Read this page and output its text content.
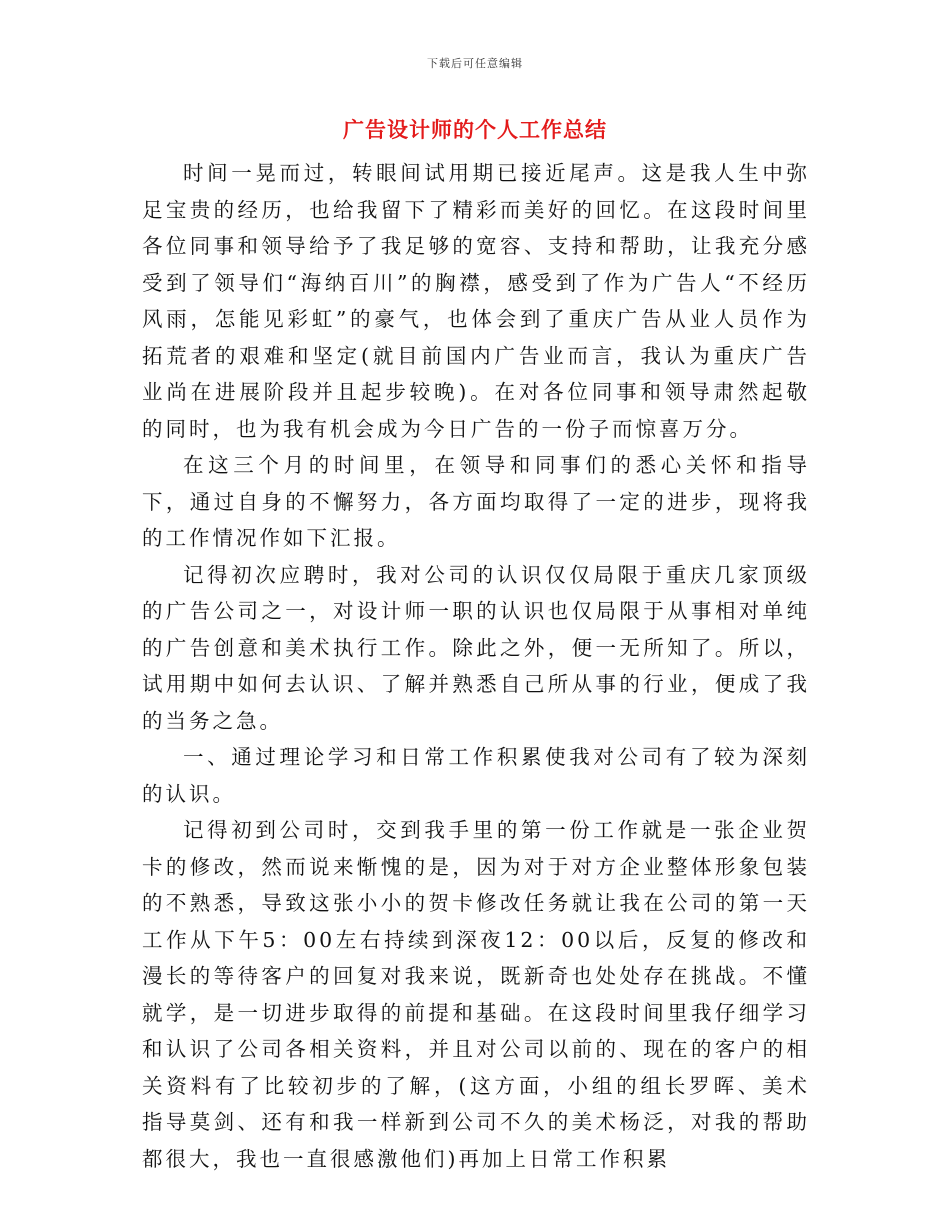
下载后可任意编辑
广告设计师的个人工作总结

时间一晃而过，转眼间试用期已接近尾声。这是我人生中弥足宝贵的经历，也给我留下了精彩而美好的回忆。在这段时间里各位同事和领导给予了我足够的宽容、支持和帮助，让我充分感受到了领导们“海纳百川”的胸襟，感受到了作为广告人“不经历风雨，怎能见彩虹”的豪气，也体会到了重庆广告从业人员作为拓荒者的艰难和坚定(就目前国内广告业而言，我认为重庆广告业尚在进展阶段并且起步较晚)。在对各位同事和领导肃然起敬的同时，也为我有机会成为今日广告的一份子而惊喜万分。

在这三个月的时间里，在领导和同事们的悉心关怀和指导下，通过自身的不懈努力，各方面均取得了一定的进步，现将我的工作情况作如下汇报。

记得初次应聘时，我对公司的认识仅仅局限于重庆几家顶级的广告公司之一，对设计师一职的认识也仅局限于从事相对单纯的广告创意和美术执行工作。除此之外，便一无所知了。所以，试用期中如何去认识、了解并熟悉自己所从事的行业，便成了我的当务之急。

一、通过理论学习和日常工作积累使我对公司有了较为深刻的认识。

记得初到公司时，交到我手里的第一份工作就是一张企业贺卡的修改，然而说来惭愧的是，因为对于对方企业整体形象包装的不熟悉，导致这张小小的贺卡修改任务就让我在公司的第一天工作从下午5：00左右持续到深夜12：00以后，反复的修改和漫长的等待客户的回复对我来说，既新奇也处处存在挑战。不懂就学，是一切进步取得的前提和基础。在这段时间里我仔细学习和认识了公司各相关资料，并且对公司以前的、现在的客户的相关资料有了比较初步的了解，(这方面，小组的组长罗晖、美术指导莫剑、还有和我一样新到公司不久的美术杨泛，对我的帮助都很大，我也一直很感激他们)再加上日常工作积累
